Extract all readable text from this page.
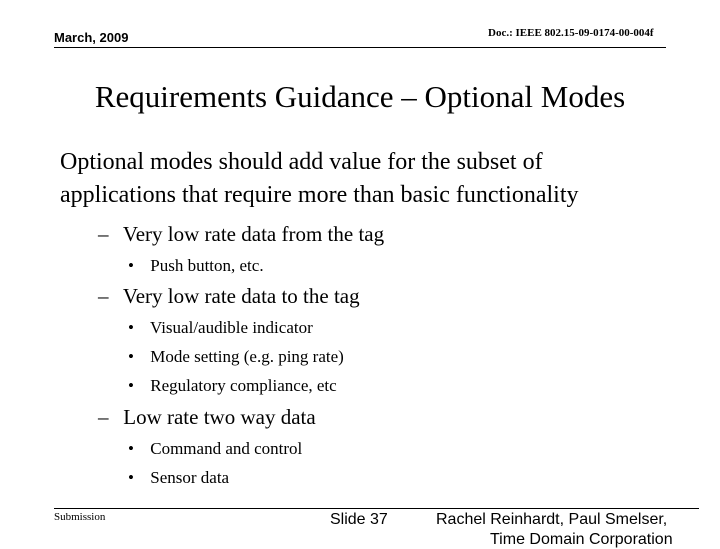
March, 2009	Doc.: IEEE 802.15-09-0174-00-004f
Requirements Guidance – Optional Modes
Optional modes should add value for the subset of
applications that require more than basic functionality
– Very low rate data from the tag
• Push button, etc.
– Very low rate data to the tag
• Visual/audible indicator
• Mode setting (e.g. ping rate)
• Regulatory compliance, etc
– Low rate two way data
• Command and control
• Sensor data
Submission	Slide 37	Rachel Reinhardt, Paul Smelser,
Time Domain Corporation
